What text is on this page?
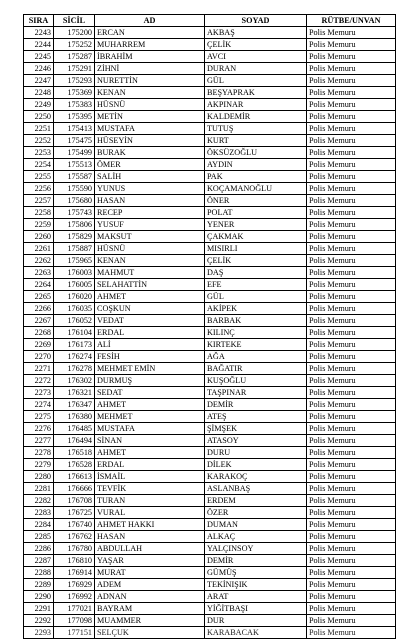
SIRA	SİCİL	AD	SOYAD	RÜTBE/UNVAN
2243	175200	ERCAN	AKBAŞ	Polis Memuru
2244	175252	MUHARREM	ÇELİK	Polis Memuru
2245	175287	İBRAHİM	AVCI	Polis Memuru
2246	175291	ZİHNİ	DURAN	Polis Memuru
2247	175293	NURETTİN	GÜL	Polis Memuru
2248	175369	KENAN	BEŞYAPRAK	Polis Memuru
2249	175383	HÜSNÜ	AKPINAR	Polis Memuru
2250	175395	METİN	KALDEMİR	Polis Memuru
2251	175413	MUSTAFA	TUTUŞ	Polis Memuru
2252	175475	HÜSEYİN	KURT	Polis Memuru
2253	175499	BURAK	ÖKSÜZOĞLU	Polis Memuru
2254	175513	ÖMER	AYDIN	Polis Memuru
2255	175587	SALİH	PAK	Polis Memuru
2256	175590	YUNUS	KOÇAMANOĞLU	Polis Memuru
2257	175680	HASAN	ÖNER	Polis Memuru
2258	175743	RECEP	POLAT	Polis Memuru
2259	175806	YUSUF	YENER	Polis Memuru
2260	175829	MAKSUT	ÇAKMAK	Polis Memuru
2261	175887	HÜSNÜ	MISIRLI	Polis Memuru
2262	175965	KENAN	ÇELİK	Polis Memuru
2263	176003	MAHMUT	DAŞ	Polis Memuru
2264	176005	SELAHATTİN	EFE	Polis Memuru
2265	176020	AHMET	GÜL	Polis Memuru
2266	176035	COŞKUN	AKİPEK	Polis Memuru
2267	176052	VEDAT	BARBAK	Polis Memuru
2268	176104	ERDAL	KILINÇ	Polis Memuru
2269	176173	ALİ	KIRTEKE	Polis Memuru
2270	176274	FESİH	AĞA	Polis Memuru
2271	176278	MEHMET EMİN	BAĞATIR	Polis Memuru
2272	176302	DURMUŞ	KUŞOĞLU	Polis Memuru
2273	176321	SEDAT	TAŞPINAR	Polis Memuru
2274	176347	AHMET	DEMİR	Polis Memuru
2275	176380	MEHMET	ATEŞ	Polis Memuru
2276	176485	MUSTAFA	ŞİMŞEK	Polis Memuru
2277	176494	SİNAN	ATASOY	Polis Memuru
2278	176518	AHMET	DURU	Polis Memuru
2279	176528	ERDAL	DİLEK	Polis Memuru
2280	176613	İSMAİL	KARAKOÇ	Polis Memuru
2281	176666	TEVFİK	ASLANBAŞ	Polis Memuru
2282	176708	TURAN	ERDEM	Polis Memuru
2283	176725	VURAL	ÖZER	Polis Memuru
2284	176740	AHMET HAKKI	DUMAN	Polis Memuru
2285	176762	HASAN	ALKAÇ	Polis Memuru
2286	176780	ABDULLAH	YALÇINSOY	Polis Memuru
2287	176810	YAŞAR	DEMİR	Polis Memuru
2288	176914	MURAT	GÜMÜŞ	Polis Memuru
2289	176929	ADEM	TEKİNIŞIK	Polis Memuru
2290	176992	ADNAN	ARAT	Polis Memuru
2291	177021	BAYRAM	YİĞİTBAŞI	Polis Memuru
2292	177098	MUAMMER	DUR	Polis Memuru
2293	177151	SELÇUK	KARABACAK	Polis Memuru
